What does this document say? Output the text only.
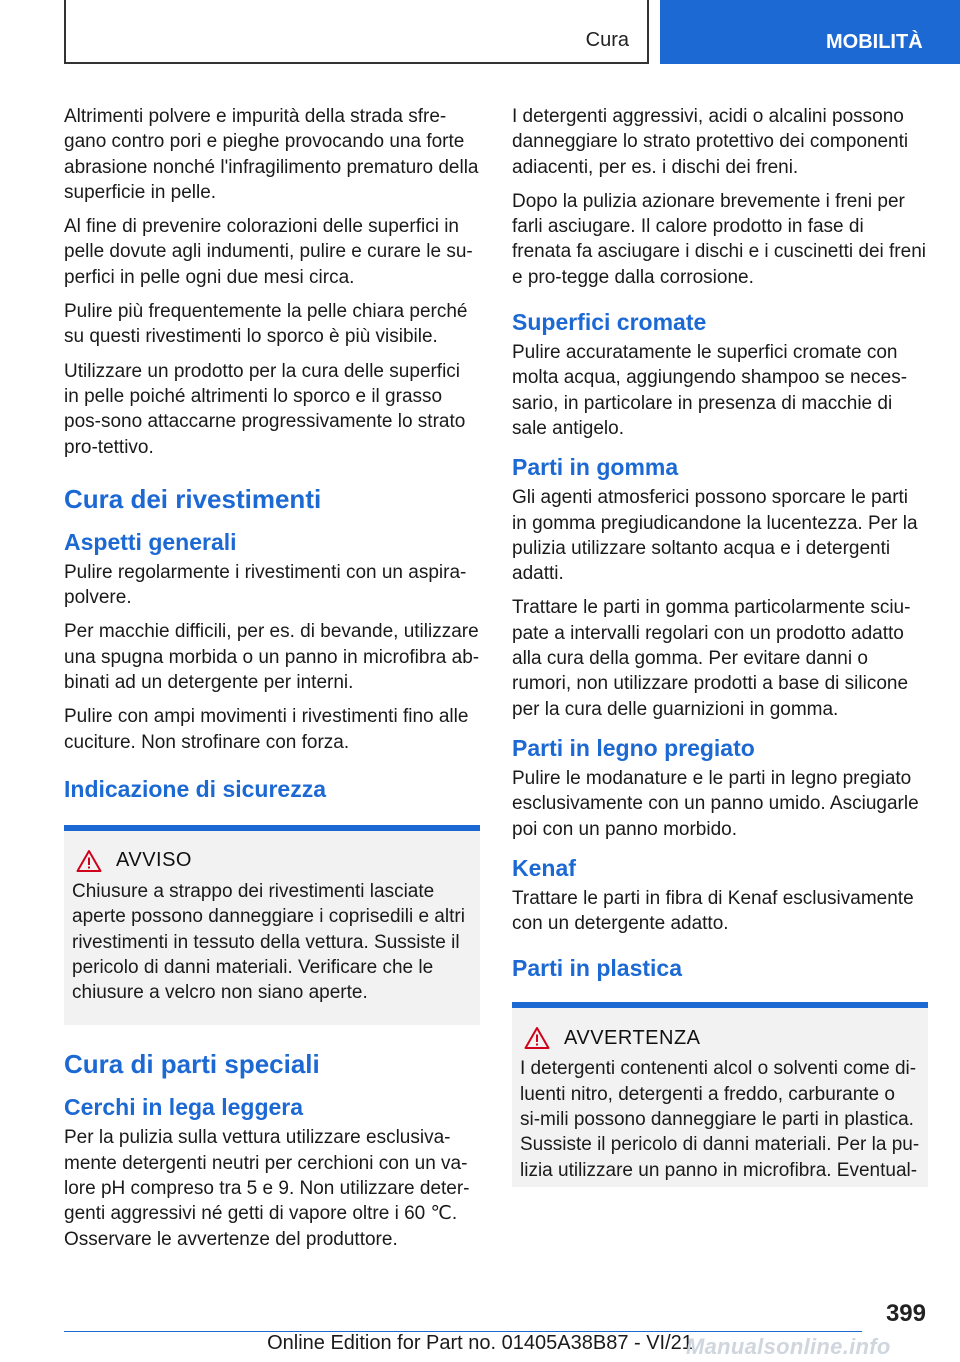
Cura	MOBILITÀ

Altrimenti polvere e impurità della strada sfre-gano contro pori e pieghe provocando una forte abrasione nonché l'infragilimento prematuro della superficie in pelle.

Al fine di prevenire colorazioni delle superfici in pelle dovute agli indumenti, pulire e curare le su-perfici in pelle ogni due mesi circa.

Pulire più frequentemente la pelle chiara perché su questi rivestimenti lo sporco è più visibile.

Utilizzare un prodotto per la cura delle superfici in pelle poiché altrimenti lo sporco e il grasso pos-sono attaccarne progressivamente lo strato pro-tettivo.

Cura dei rivestimenti
Aspetti generali

Pulire regolarmente i rivestimenti con un aspira-polvere.

Per macchie difficili, per es. di bevande, utilizzare una spugna morbida o un panno in microfibra ab-binati ad un detergente per interni.

Pulire con ampi movimenti i rivestimenti fino alle cuciture. Non strofinare con forza.

Indicazione di sicurezza
AVVISO

Chiusure a strappo dei rivestimenti lasciate aperte possono danneggiare i coprisedili e altri rivestimenti in tessuto della vettura. Sussiste il pericolo di danni materiali. Verificare che le chiusure a velcro non siano aperte.

Cura di parti speciali
Cerchi in lega leggera

Per la pulizia sulla vettura utilizzare esclusiva-mente detergenti neutri per cerchioni con un va-lore pH compreso tra 5 e 9. Non utilizzare deter-genti aggressivi né getti di vapore oltre i 60 ℃. Osservare le avvertenze del produttore.

I detergenti aggressivi, acidi o alcalini possono danneggiare lo strato protettivo dei componenti adiacenti, per es. i dischi dei freni.

Dopo la pulizia azionare brevemente i freni per farli asciugare. Il calore prodotto in fase di frenata fa asciugare i dischi e i cuscinetti dei freni e pro-tegge dalla corrosione.

Superfici cromate

Pulire accuratamente le superfici cromate con molta acqua, aggiungendo shampoo se neces-sario, in particolare in presenza di macchie di sale antigelo.

Parti in gomma

Gli agenti atmosferici possono sporcare le parti in gomma pregiudicandone la lucentezza. Per la pulizia utilizzare soltanto acqua e i detergenti adatti.

Trattare le parti in gomma particolarmente sciu-pate a intervalli regolari con un prodotto adatto alla cura della gomma. Per evitare danni o rumori, non utilizzare prodotti a base di silicone per la cura delle guarnizioni in gomma.

Parti in legno pregiato

Pulire le modanature e le parti in legno pregiato esclusivamente con un panno umido. Asciugarle poi con un panno morbido.

Kenaf

Trattare le parti in fibra di Kenaf esclusivamente con un detergente adatto.

Parti in plastica
AVVERTENZA

I detergenti contenenti alcol o solventi come di-luenti nitro, detergenti a freddo, carburante o si-mili possono danneggiare le parti in plastica. Sussiste il pericolo di danni materiali. Per la pu-lizia utilizzare un panno in microfibra. Eventual-

399
Online Edition for Part no. 01405A38B87 - VI/21
Manualsonline.info
